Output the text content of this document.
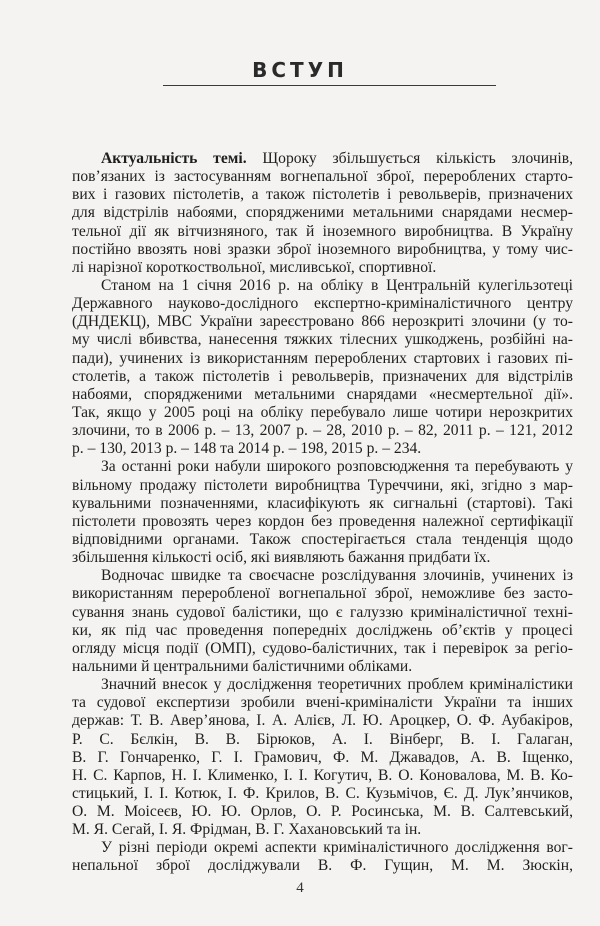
ВСТУП
Актуальність темі. Щороку збільшується кількість злочинів,
пов’язаних із застосуванням вогнепальної зброї, перероблених старто-
вих і газових пістолетів, а також пістолетів і револьверів, призначених
для відстрілів набоями, спорядженими метальними снарядами несмер-
тельної дії як вітчизняного, так й іноземного виробництва. В Україну
постійно ввозять нові зразки зброї іноземного виробництва, у тому чис-
лі нарізної короткоствольної, мисливської, спортивної.
Станом на 1 січня 2016 р. на обліку в Центральній кулегільзотеці
Державного науково-дослідного експертно-криміналістичного центру
(ДНДЕКЦ), МВС України зареєстровано 866 нерозкриті злочини (у то-
му числі вбивства, нанесення тяжких тілесних ушкоджень, розбійні на-
пади), учинених із використанням перероблених стартових і газових пі-
столетів, а також пістолетів і револьверів, призначених для відстрілів
набоями, спорядженими метальними снарядами «несмертельної дії».
Так, якщо у 2005 році на обліку перебувало лише чотири нерозкритих
злочини, то в 2006 р. – 13, 2007 р. – 28, 2010 р. – 82, 2011 р. – 121, 2012
р. – 130, 2013 р. – 148 та 2014 р. – 198, 2015 р. – 234.
За останні роки набули широкого розповсюдження та перебувають у
вільному продажу пістолети виробництва Туреччини, які, згідно з мар-
кувальними позначеннями, класифікують як сигнальні (стартові). Такі
пістолети провозять через кордон без проведення належної сертифікації
відповідними органами. Також спостерігається стала тенденція щодо
збільшення кількості осіб, які виявляють бажання придбати їх.
Водночас швидке та своєчасне розслідування злочинів, учинених із
використанням переробленої вогнепальної зброї, неможливе без засто-
сування знань судової балістики, що є галуззю криміналістичної техні-
ки, як під час проведення попередніх досліджень об’єктів у процесі
огляду місця події (ОМП), судово-балістичних, так і перевірок за регіо-
нальними й центральними балістичними обліками.
Значний внесок у дослідження теоретичних проблем криміналістики
та судової експертизи зробили вчені-криміналісти України та інших
держав: Т. В. Авер’янова, І. А. Алієв, Л. Ю. Ароцкер, О. Ф. Аубакіров,
Р. С. Бєлкін, В. В. Бірюков, А. І. Вінберг, В. І. Галаган,
В. Г. Гончаренко, Г. І. Грамович, Ф. М. Джавадов, А. В. Іщенко,
Н. С. Карпов, Н. І. Клименко, І. І. Когутич, В. О. Коновалова, М. В. Ко-
стицький, І. І. Котюк, І. Ф. Крилов, В. С. Кузьмічов, Є. Д. Лук’янчиков,
О. М. Моісеєв, Ю. Ю. Орлов, О. Р. Росинська, М. В. Салтевський,
М. Я. Сегай, І. Я. Фрідман, В. Г. Хахановський та ін.
У різні періоди окремі аспекти криміналістичного дослідження вог-
непальної зброї досліджували В. Ф. Гущин, М. М. Зюскін,
4
